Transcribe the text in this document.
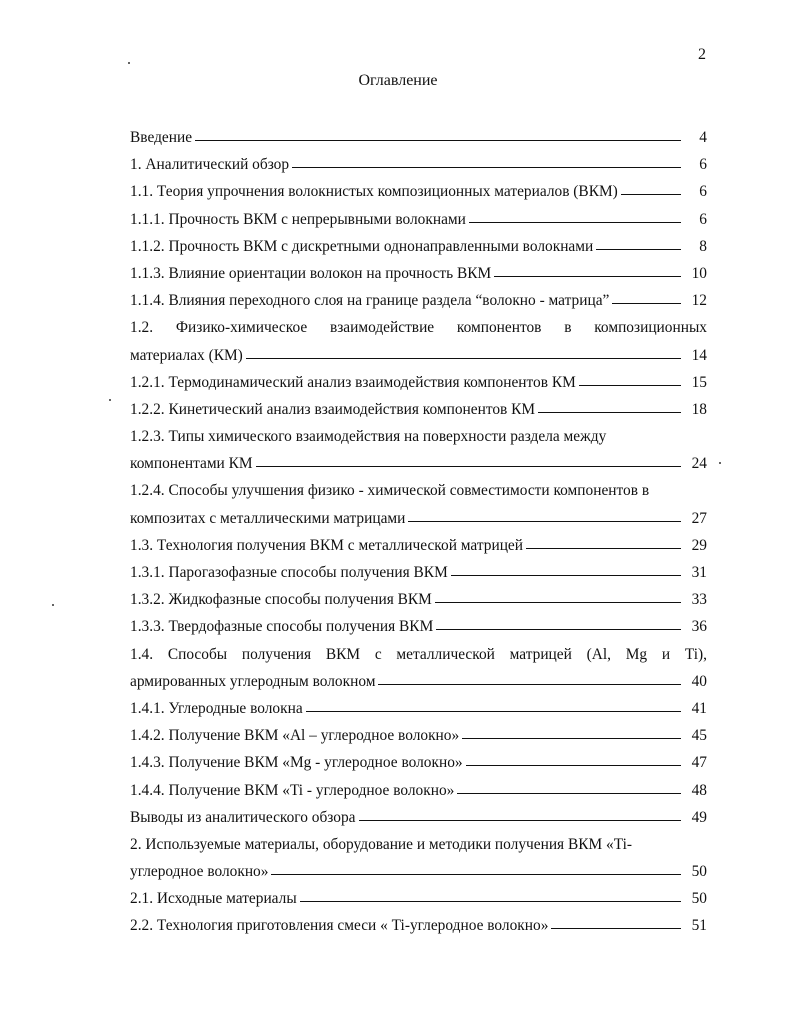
2
Оглавление
Введение	4
1. Аналитический обзор	6
1.1. Теория упрочнения волокнистых композиционных материалов (ВКМ)	6
1.1.1. Прочность ВКМ с непрерывными волокнами	6
1.1.2. Прочность ВКМ с дискретными однонаправленными волокнами	8
1.1.3. Влияние ориентации волокон на прочность ВКМ	10
1.1.4. Влияния переходного слоя на границе раздела “волокно - матрица”	12
1.2. Физико-химическое взаимодействие компонентов в композиционных
материалах (КМ)	14
1.2.1. Термодинамический анализ взаимодействия компонентов КМ	15
1.2.2. Кинетический анализ взаимодействия компонентов КМ	18
1.2.3. Типы химического взаимодействия на поверхности раздела между
компонентами КМ	24
1.2.4. Способы улучшения физико - химической совместимости компонентов в
композитах с металлическими матрицами	27
1.3. Технология получения ВКМ с металлической матрицей	29
1.3.1. Парогазофазные способы получения ВКМ	31
1.3.2. Жидкофазные способы получения ВКМ	33
1.3.3. Твердофазные способы получения ВКМ	36
1.4. Способы получения ВКМ с металлической матрицей (Al, Mg и Ti),
армированных углеродным волокном	40
1.4.1. Углеродные волокна	41
1.4.2. Получение ВКМ «Al – углеродное волокно»	45
1.4.3. Получение ВКМ «Mg - углеродное волокно»	47
1.4.4. Получение ВКМ «Ti - углеродное волокно»	48
Выводы из аналитического обзора	49
2. Используемые материалы, оборудование и методики получения ВКМ «Ti-
углеродное волокно»	50
2.1. Исходные материалы	50
2.2. Технология приготовления смеси « Ti-углеродное волокно»	51
